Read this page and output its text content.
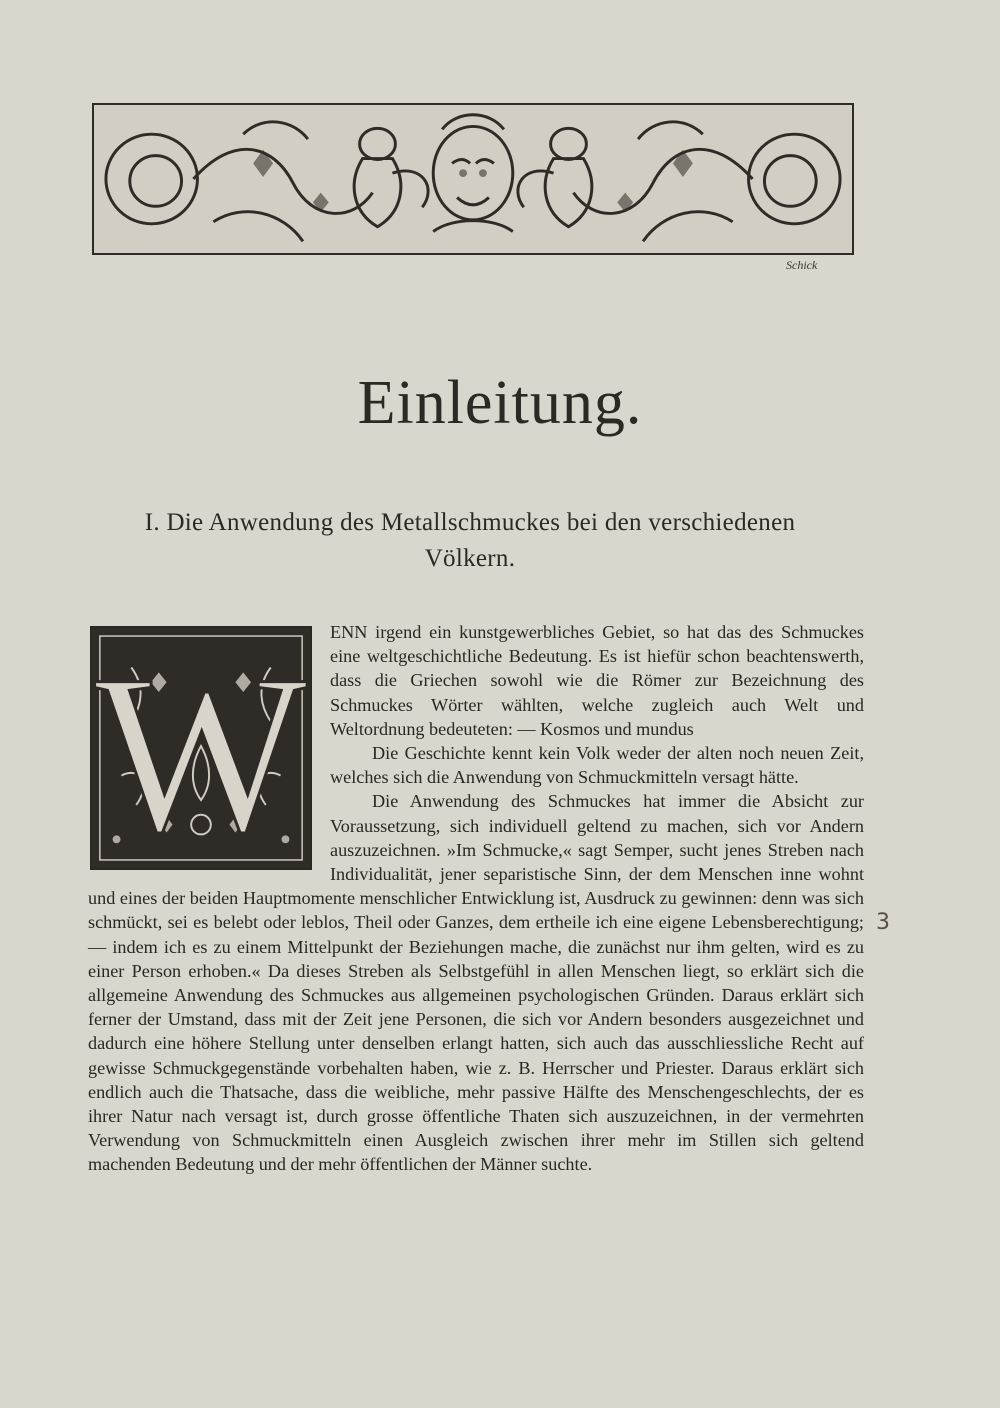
Schick
Einleitung.
I. Die Anwendung des Metallschmuckes bei den verschiedenen Völkern.
W	ENN irgend ein kunstgewerbliches Gebiet, so hat das des Schmuckes eine weltgeschichtliche Bedeutung. Es ist hiefür schon beachtenswerth, dass die Griechen sowohl wie die Römer zur Bezeichnung des Schmuckes Wörter wählten, welche zugleich auch Welt und Weltordnung bedeuteten: — Kosmos und mundus

Die Geschichte kennt kein Volk weder der alten noch neuen Zeit, welches sich die Anwendung von Schmuckmitteln versagt hätte.

Die Anwendung des Schmuckes hat immer die Absicht zur Voraussetzung, sich individuell geltend zu machen, sich vor Andern auszuzeichnen. »Im Schmucke,« sagt Semper, sucht jenes Streben nach Individualität, jener separistische Sinn, der dem Menschen inne wohnt und eines der beiden Hauptmomente menschlicher Entwicklung ist, Ausdruck zu gewinnen: denn was sich schmückt, sei es belebt oder leblos, Theil oder Ganzes, dem ertheile ich eine eigene Lebensberechtigung; — indem ich es zu einem Mittelpunkt der Beziehungen mache, die zunächst nur ihm gelten, wird es zu einer Person erhoben.« Da dieses Streben als Selbstgefühl in allen Menschen liegt, so erklärt sich die allgemeine Anwendung des Schmuckes aus allgemeinen psychologischen Gründen. Daraus erklärt sich ferner der Umstand, dass mit der Zeit jene Personen, die sich vor Andern besonders ausgezeichnet und dadurch eine höhere Stellung unter denselben erlangt hatten, sich auch das ausschliessliche Recht auf gewisse Schmuckgegenstände vorbehalten haben, wie z. B. Herrscher und Priester. Daraus erklärt sich endlich auch die Thatsache, dass die weibliche, mehr passive Hälfte des Menschengeschlechts, der es ihrer Natur nach versagt ist, durch grosse öffentliche Thaten sich auszuzeichnen, in der vermehrten Verwendung von Schmuckmitteln einen Ausgleich zwischen ihrer mehr im Stillen sich geltend machenden Bedeutung und der mehr öffentlichen der Männer suchte.

3
